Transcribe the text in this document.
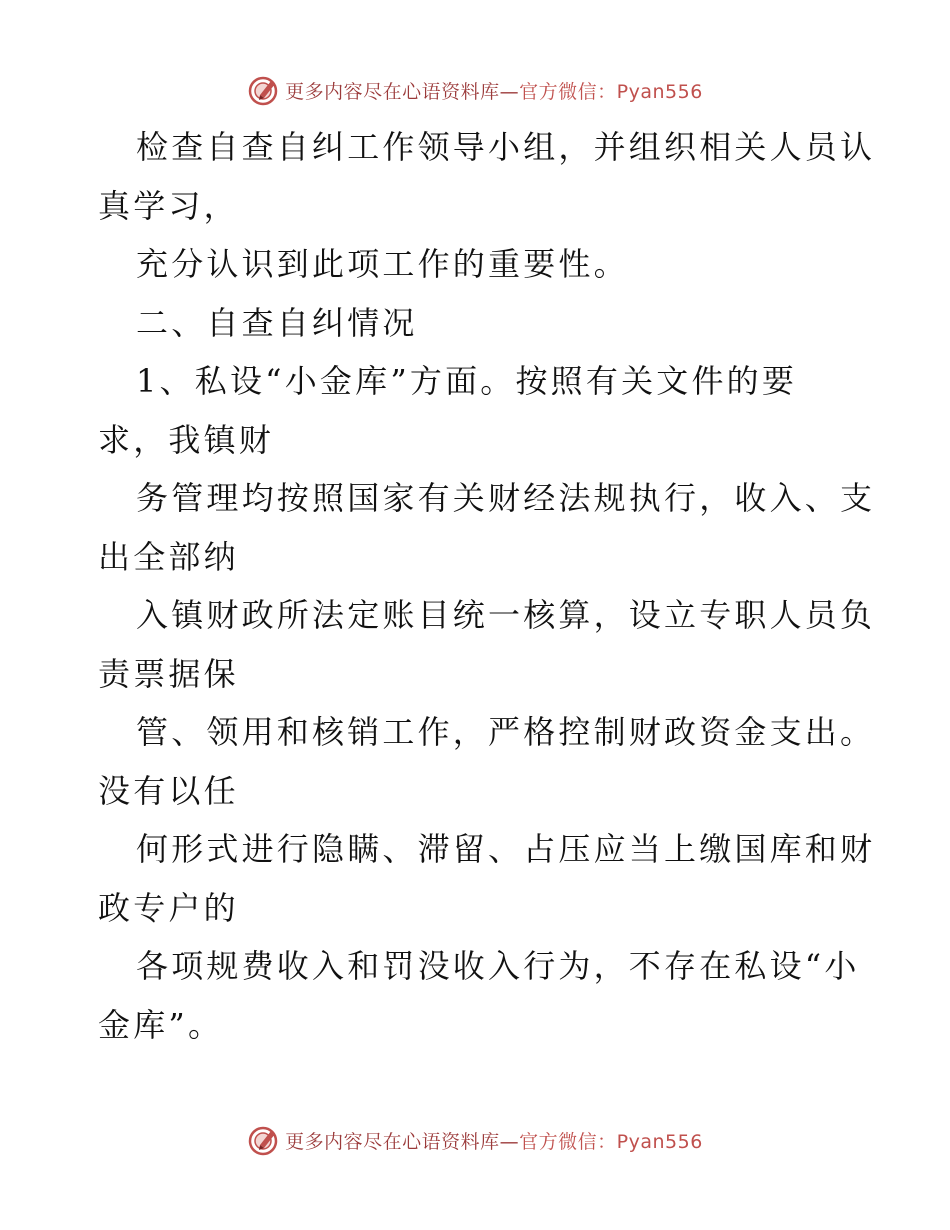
更多内容尽在心语资料库—官方微信：Pyan556
检查自查自纠工作领导小组，并组织相关人员认
真学习，
充分认识到此项工作的重要性。
二、自查自纠情况
1、私设“小金库”方面。按照有关文件的要
求，我镇财
务管理均按照国家有关财经法规执行，收入、支
出全部纳
入镇财政所法定账目统一核算，设立专职人员负
责票据保
管、领用和核销工作，严格控制财政资金支出。
没有以任
何形式进行隐瞒、滞留、占压应当上缴国库和财
政专户的
各项规费收入和罚没收入行为，不存在私设“小
金库”。
更多内容尽在心语资料库—官方微信：Pyan556
